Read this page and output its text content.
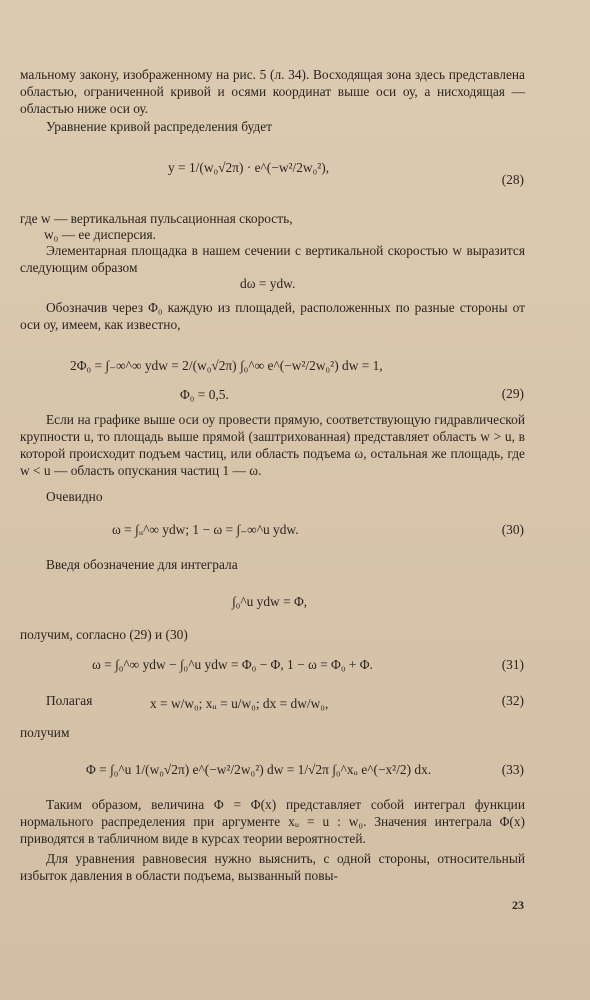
мальному закону, изображенному на рис. 5 (л. 34). Восходящая зона здесь представлена областью, ограниченной кривой и осями координат выше оси оу, а нисходящая — областью ниже оси оу.

Уравнение кривой распределения будет

y = 1/(w₀√2π) · e^(−w²/2w₀²),
(28)

где w — вертикальная пульсационная скорость,

w₀ — ее дисперсия.

Элементарная площадка в нашем сечении с вертикальной скоростью w выразится следующим образом

dω = ydw.

Обозначив через Φ₀ каждую из площадей, расположенных по разные стороны от оси оу, имеем, как известно,

2Φ₀ = ∫₋∞^∞ ydw = 2/(w₀√2π) ∫₀^∞ e^(−w²/2w₀²) dw = 1,
Φ₀ = 0,5.	(29)

Если на графике выше оси оу провести прямую, соответствующую гидравлической крупности u, то площадь выше прямой (заштрихованная) представляет область w > u, в которой происходит подъем частиц, или область подъема ω, остальная же площадь, где w < u — область опускания частиц 1 — ω.

Очевидно

ω = ∫ᵤ^∞ ydw; 1 − ω = ∫₋∞^u ydw.	(30)

Введя обозначение для интеграла

∫₀^u ydw = Φ,

получим, согласно (29) и (30)

ω = ∫₀^∞ ydw − ∫₀^u ydw = Φ₀ − Φ, 1 − ω = Φ₀ + Φ.	(31)

Полагая	x = w/w₀; xᵤ = u/w₀; dx = dw/w₀,	(32)

получим

Φ = ∫₀^u 1/(w₀√2π) e^(−w²/2w₀²) dw = 1/√2π ∫₀^xᵤ e^(−x²/2) dx.	(33)

Таким образом, величина Φ = Φ(x) представляет собой интеграл функции нормального распределения при аргументе xᵤ = u : w₀. Значения интеграла Φ(x) приводятся в табличном виде в курсах теории вероятностей.

Для уравнения равновесия нужно выяснить, с одной стороны, относительный избыток давления в области подъема, вызванный повы-

23
